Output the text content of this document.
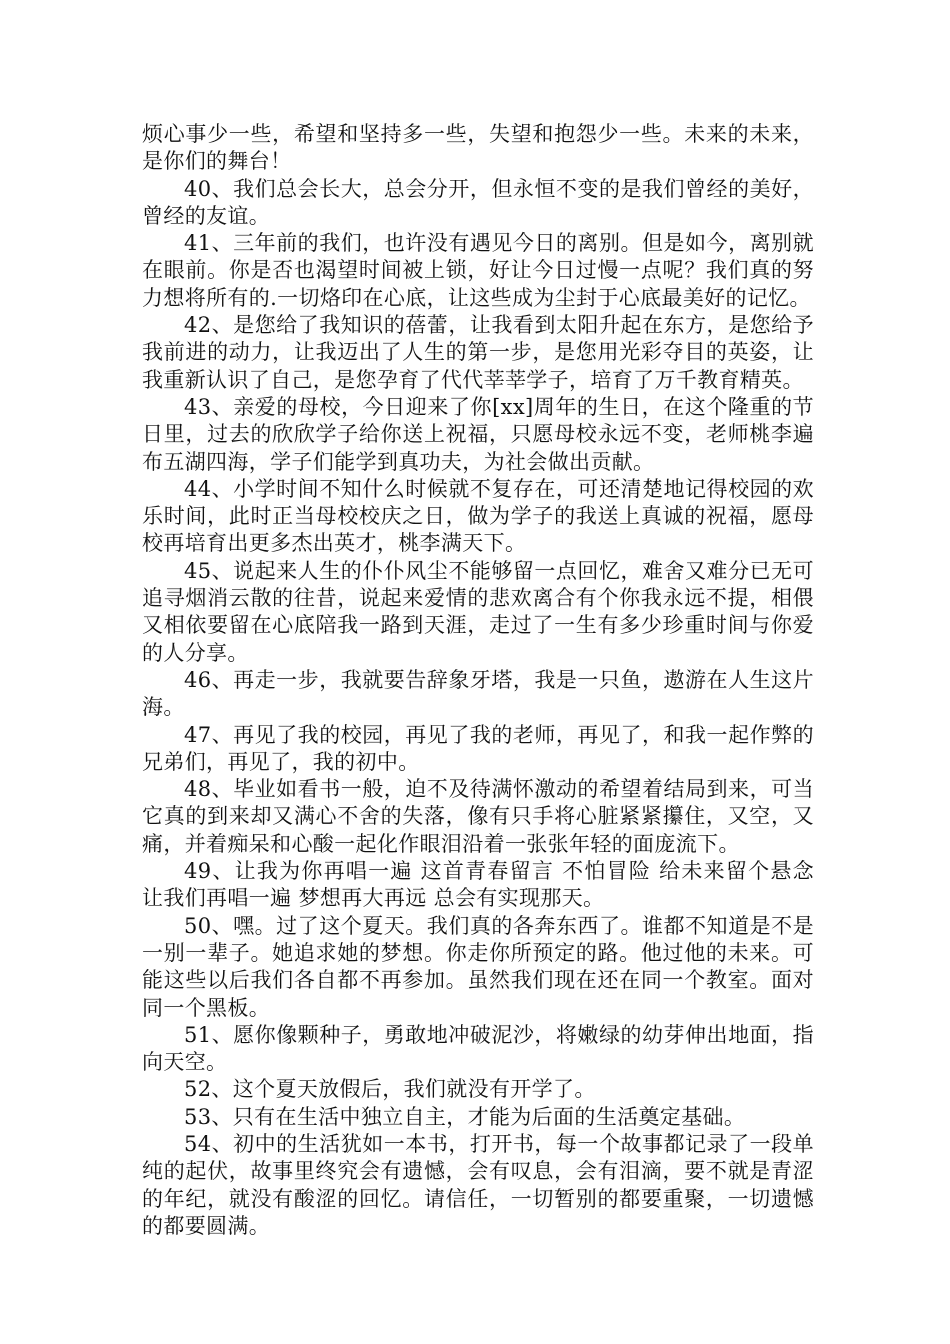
烦心事少一些，希望和坚持多一些，失望和抱怨少一些。未来的未来，是你们的舞台！

40、我们总会长大，总会分开，但永恒不变的是我们曾经的美好，曾经的友谊。

41、三年前的我们，也许没有遇见今日的离别。但是如今，离别就在眼前。你是否也渴望时间被上锁，好让今日过慢一点呢？我们真的努力想将所有的.一切烙印在心底，让这些成为尘封于心底最美好的记忆。

42、是您给了我知识的蓓蕾，让我看到太阳升起在东方，是您给予我前进的动力，让我迈出了人生的第一步，是您用光彩夺目的英姿，让我重新认识了自己，是您孕育了代代莘莘学子，培育了万千教育精英。

43、亲爱的母校，今日迎来了你[xx]周年的生日，在这个隆重的节日里，过去的欣欣学子给你送上祝福，只愿母校永远不变，老师桃李遍布五湖四海，学子们能学到真功夫，为社会做出贡献。

44、小学时间不知什么时候就不复存在，可还清楚地记得校园的欢乐时间，此时正当母校校庆之日，做为学子的我送上真诚的祝福，愿母校再培育出更多杰出英才，桃李满天下。

45、说起来人生的仆仆风尘不能够留一点回忆，难舍又难分已无可追寻烟消云散的往昔，说起来爱情的悲欢离合有个你我永远不提，相偎又相依要留在心底陪我一路到天涯，走过了一生有多少珍重时间与你爱的人分享。

46、再走一步，我就要告辞象牙塔，我是一只鱼，遨游在人生这片海。

47、再见了我的校园，再见了我的老师，再见了，和我一起作弊的兄弟们，再见了，我的初中。

48、毕业如看书一般，迫不及待满怀激动的希望着结局到来，可当它真的到来却又满心不舍的失落，像有只手将心脏紧紧攥住，又空，又痛，并着痴呆和心酸一起化作眼泪沿着一张张年轻的面庞流下。

49、让我为你再唱一遍 这首青春留言 不怕冒险 给未来留个悬念 让我们再唱一遍 梦想再大再远 总会有实现那天。

50、嘿。过了这个夏天。我们真的各奔东西了。谁都不知道是不是一别一辈子。她追求她的梦想。你走你所预定的路。他过他的未来。可能这些以后我们各自都不再参加。虽然我们现在还在同一个教室。面对同一个黑板。

51、愿你像颗种子，勇敢地冲破泥沙，将嫩绿的幼芽伸出地面，指向天空。

52、这个夏天放假后，我们就没有开学了。

53、只有在生活中独立自主，才能为后面的生活奠定基础。

54、初中的生活犹如一本书，打开书，每一个故事都记录了一段单纯的起伏，故事里终究会有遗憾，会有叹息，会有泪滴，要不就是青涩的年纪，就没有酸涩的回忆。请信任，一切暂别的都要重聚，一切遗憾的都要圆满。
